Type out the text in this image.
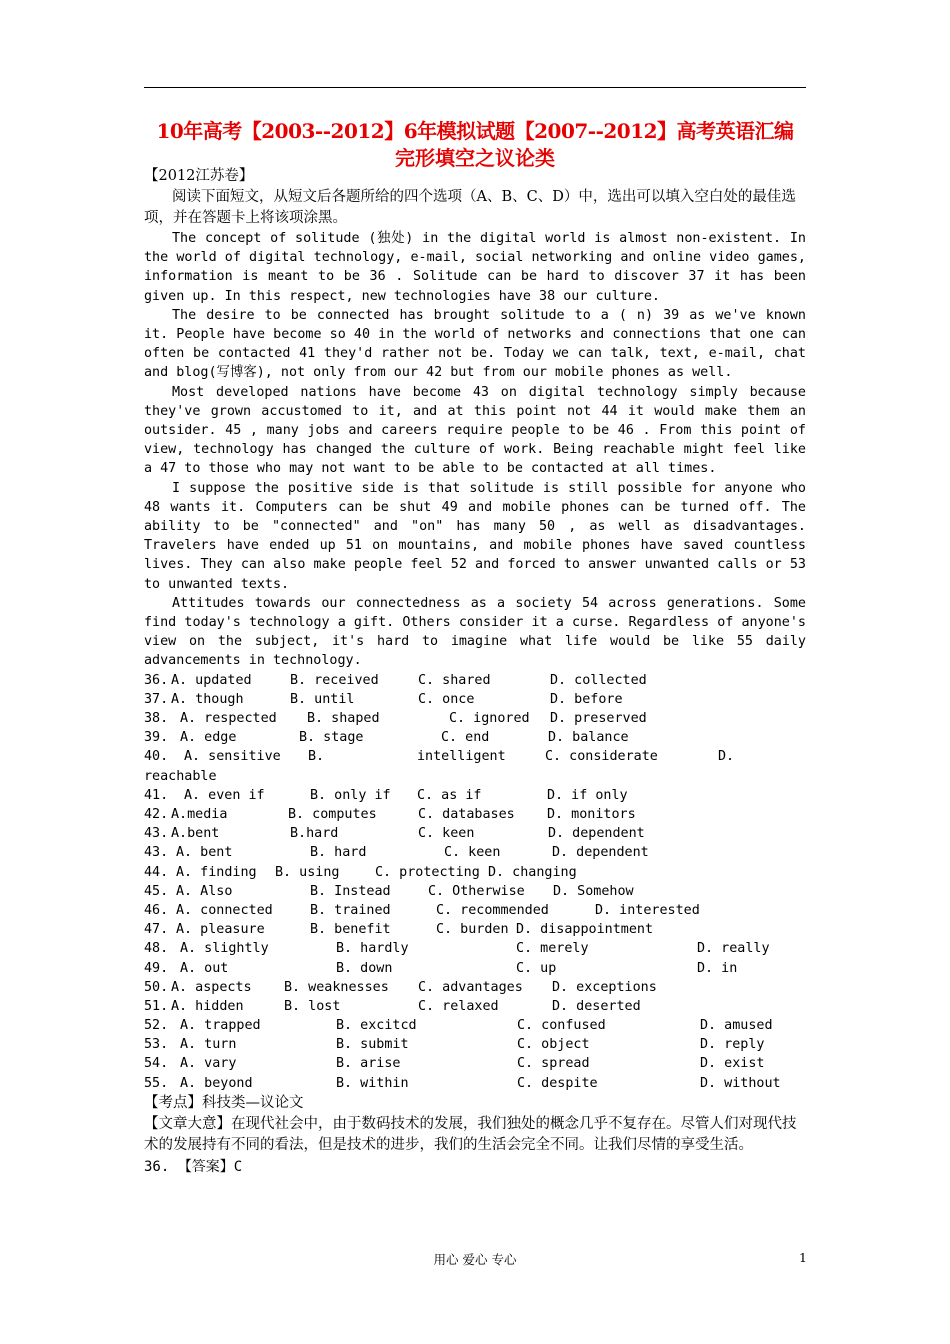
10年高考【2003--2012】6年模拟试题【2007--2012】高考英语汇编
完形填空之议论类
【2012江苏卷】

阅读下面短文，从短文后各题所给的四个选项（A、B、C、D）中，选出可以填入空白处的最佳选项，并在答题卡上将该项涂黑。

The concept of solitude (独处) in the digital world is almost non-existent. In the world of digital technology, e-mail, social networking and online video games, information is meant to be 36 . Solitude can be hard to discover 37 it has been given up. In this respect, new technologies have 38 our culture.

The desire to be connected has brought solitude to a ( n) 39 as we've known it. People have become so 40 in the world of networks and connections that one can often be contacted 41 they'd rather not be. Today we can talk, text, e-mail, chat and blog(写博客), not only from our 42 but from our mobile phones as well.

Most developed nations have become 43 on digital technology simply because they've grown accustomed to it, and at this point not 44 it would make them an outsider. 45 , many jobs and careers require people to be 46 . From this point of view, technology has changed the culture of work. Being reachable might feel like a 47 to those who may not want to be able to be contacted at all times.

I suppose the positive side is that solitude is still possible for anyone who 48 wants it. Computers can be shut 49 and mobile phones can be turned off. The ability to be "connected" and "on" has many 50 , as well as disadvantages. Travelers have ended up 51 on mountains, and mobile phones have saved countless lives. They can also make people feel 52 and forced to answer unwanted calls or 53 to unwanted texts.

Attitudes towards our connectedness as a society 54 across generations. Some find today's technology a gift. Others consider it a curse. Regardless of anyone's view on the subject, it's hard to imagine what life would be like 55 daily advancements in technology.

36. A. updated	B. received	C. shared	D. collected
37. A. though	B. until	C. once	D. before
38. A. respected B. shaped	C. ignored D. preserved
39. A. edge	B. stage	C. end	D. balance
40. A. sensitive B.	intelligent	C. considerate	D.
reachable
41. A. even if	B. only if C. as if	D. if only
42. A.media	B. computes	C. databases D. monitors
43. A.bent	B.hard	C. keen	D. dependent
43. A. bent	B. hard	C. keen	D. dependent
44. A. finding B. using	C. protecting D. changing
45. A. Also	B. Instead	C. Otherwise D. Somehow
46. A. connected	B. trained	C. recommended	D. interested
47. A. pleasure	B. benefit	C. burden D. disappointment
48. A. slightly	B. hardly	C. merely	D. really
49. A. out	B. down	C. up	D. in
50. A. aspects B. weaknesses C. advantages D. exceptions
51. A. hidden	B. lost	C. relaxed	D. deserted
52. A. trapped	B. excitcd	C. confused	D. amused
53. A. turn	B. submit	C. object	D. reply
54. A. vary	B. arise	C. spread	D. exist
55. A. beyond	B. within	C. despite	D. without
【考点】科技类—议论文

【文章大意】在现代社会中，由于数码技术的发展，我们独处的概念几乎不复存在。尽管人们对现代技术的发展持有不同的看法，但是技术的进步，我们的生活会完全不同。让我们尽情的享受生活。

36. 【答案】C
用心 爱心 专心	1
